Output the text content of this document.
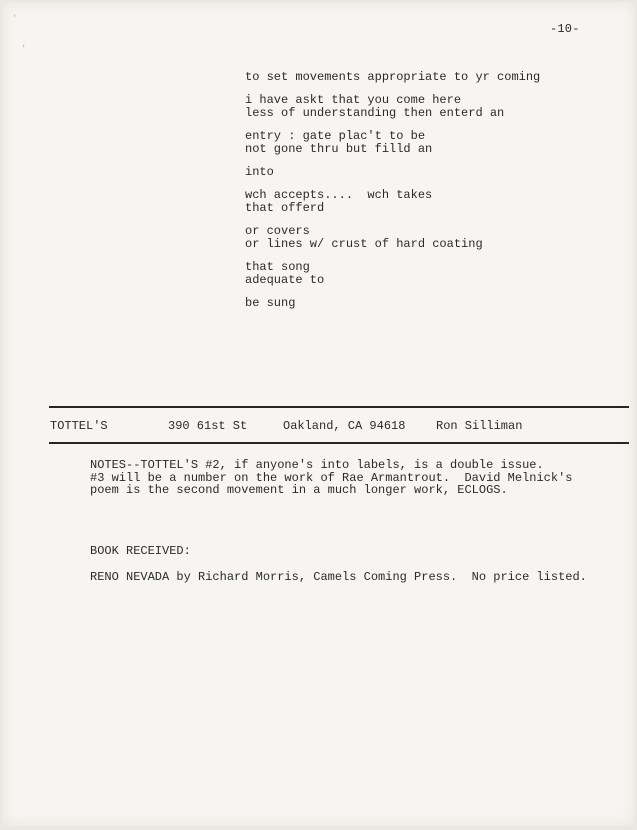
'
'
-10-
to set movements appropriate to yr coming
i have askt that you come here
less of understanding then enterd an
entry : gate plac't to be
not gone thru but filld an
into
wch accepts....  wch takes
that offerd
or covers
or lines w/ crust of hard coating
that song
adequate to
be sung
TOTTEL'S	390 61st St	Oakland, CA 94618	Ron Silliman
NOTES--TOTTEL'S #2, if anyone's into labels, is a double issue.
#3 will be a number on the work of Rae Armantrout.  David Melnick's
poem is the second movement in a much longer work, ECLOGS.
BOOK RECEIVED:
RENO NEVADA by Richard Morris, Camels Coming Press.  No price listed.
